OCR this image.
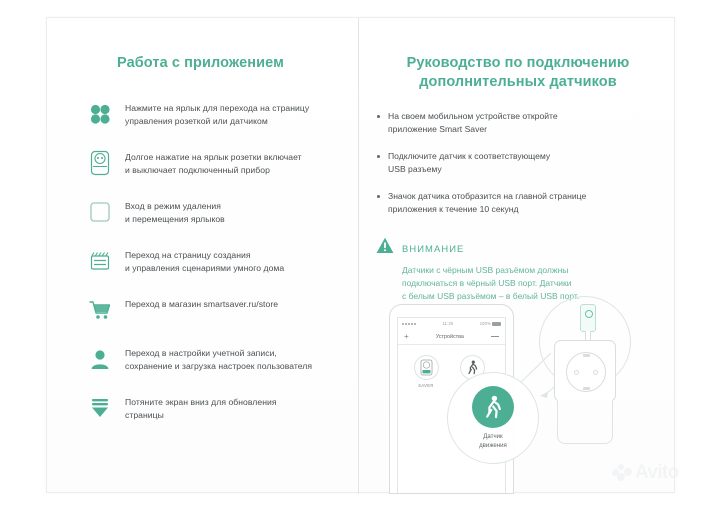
Работа с приложением
Нажмите на ярлык для перехода на страницу
управления розеткой или датчиком
Долгое нажатие на ярлык розетки включает
и выключает подключенный прибор
Вход в режим удаления
и перемещения ярлыков
Переход на страницу создания
и управления сценариями умного дома
Переход в магазин smartsaver.ru/store
Переход в настройки учетной записи,
сохранение и загрузка настроек пользователя
Потяните экран вниз для обновления
страницы
Руководство по подключению
дополнительных датчиков
На своем мобильном устройстве откройте
приложение Smart Saver
Подключите датчик к соответствующему
USB разъему
Значок датчика отобразится на главной странице
приложения к течение 10 секунд
ВНИМАНИЕ
Датчики с чёрным USB разъёмом должны
подключаться в чёрный USB порт. Датчики
с белым USB разъёмом – в белый USB порт.
11:30	100%
+	Устройства
SAVER
Датчик
движения
Avito
